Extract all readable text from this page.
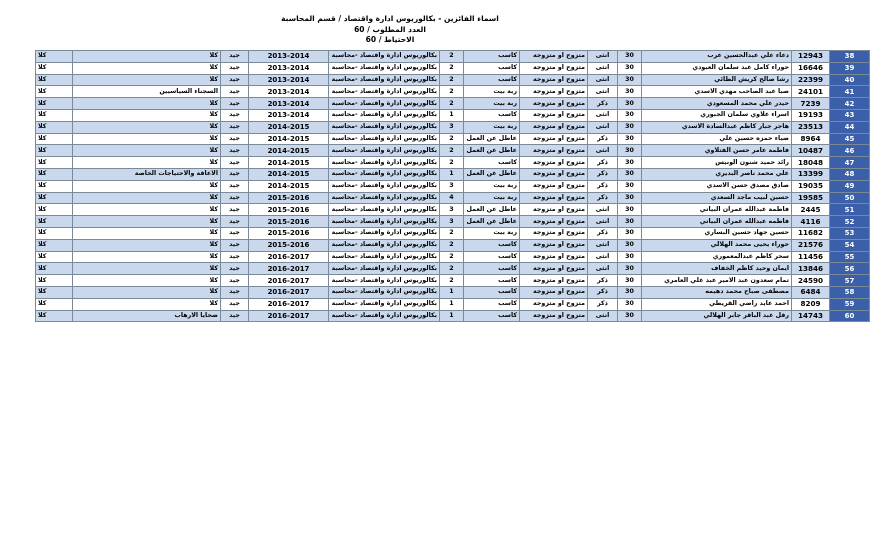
اسماء الفائزين - بكالوريوس ادارة واقتصاد / قسم المحاسبة
العدد المطلوب / 60
الاحتياط / 60
كلا	كلا	جيد	2013-2014	بكالوريوس ادارة واقتصاد -محاسبة	2	كاسب	متزوج او متزوجة	انثى	30	دعاء علي عبدالحسين عرب	12943	38
كلا	كلا	جيد	2013-2014	بكالوريوس ادارة واقتصاد -محاسبة	2	كاسب	متزوج او متزوجة	انثى	30	حوراء كامل عبد سلمان العبودي	16646	39
كلا	كلا	جيد	2013-2014	بكالوريوس ادارة واقتصاد -محاسبة	2	كاسب	متزوج او متزوجة	انثى	30	رشا صالح كريش الطائي	22399	40
كلا	السجناء السياسيين	جيد	2013-2014	بكالوريوس ادارة واقتصاد -محاسبة	2	ربة بيت	متزوج او متزوجة	انثى	30	صبا عبد الصاحب مهدي الاسدي	24101	41
كلا	كلا	جيد	2013-2014	بكالوريوس ادارة واقتصاد -محاسبة	2	ربة بيت	متزوج او متزوجة	ذكر	30	حيدر علي محمد المسعودي	7239	42
كلا	كلا	جيد	2013-2014	بكالوريوس ادارة واقتصاد -محاسبة	1	كاسب	متزوج او متزوجة	انثى	30	اسراء علاوي سلمان الجبوري	19193	43
كلا	كلا	جيد	2014-2015	بكالوريوس ادارة واقتصاد -محاسبة	3	ربة بيت	متزوج او متزوجة	انثى	30	هاجر جبار كاظم عبدالسادة الاسدي	23513	44
كلا	كلا	جيد	2014-2015	بكالوريوس ادارة واقتصاد -محاسبة	2	عاطل عن العمل	متزوج او متزوجة	ذكر	30	ضياء حمزه حسين علي	8964	45
كلا	كلا	جيد	2014-2015	بكالوريوس ادارة واقتصاد -محاسبة	2	عاطل عن العمل	متزوج او متزوجة	انثى	30	فاطمة عامر حسن الفتلاوي	10487	46
كلا	كلا	جيد	2014-2015	بكالوريوس ادارة واقتصاد -محاسبة	2	كاسب	متزوج او متزوجة	ذكر	30	رائد حميد شنون الونيس	18048	47
كلا	الاعاقة والاحتياجات الخاصة	جيد	2014-2015	بكالوريوس ادارة واقتصاد -محاسبة	1	عاطل عن العمل	متزوج او متزوجة	ذكر	30	علي محمد ناصر البديري	13399	48
كلا	كلا	جيد	2014-2015	بكالوريوس ادارة واقتصاد -محاسبة	3	ربة بيت	متزوج او متزوجة	ذكر	30	صادق مصدق حسن الاسدي	19035	49
كلا	كلا	جيد	2015-2016	بكالوريوس ادارة واقتصاد -محاسبة	4	ربة بيت	متزوج او متزوجة	ذكر	30	حسين لبيب ماجد السعدي	19585	50
كلا	كلا	جيد	2015-2016	بكالوريوس ادارة واقتصاد -محاسبة	3	عاطل عن العمل	متزوج او متزوجة	انثى	30	فاطمة عبدالله عمران البياتي	2445	51
كلا	كلا	جيد	2015-2016	بكالوريوس ادارة واقتصاد -محاسبة	3	عاطل عن العمل	متزوج او متزوجة	انثى	30	فاطمه عبدالله عمران البياتي	4116	52
كلا	كلا	جيد	2015-2016	بكالوريوس ادارة واقتصاد -محاسبة	2	ربة بيت	متزوج او متزوجة	ذكر	30	حسين جهاد حسين البساري	11682	53
كلا	كلا	جيد	2015-2016	بكالوريوس ادارة واقتصاد -محاسبة	2	كاسب	متزوج او متزوجة	انثى	30	حوراء يحيى محمد الهلالي	21576	54
كلا	كلا	جيد	2016-2017	بكالوريوس ادارة واقتصاد -محاسبة	2	كاسب	متزوج او متزوجة	انثى	30	سحر كاظم عبدالمعموري	11456	55
كلا	كلا	جيد	2016-2017	بكالوريوس ادارة واقتصاد -محاسبة	2	كاسب	متزوج او متزوجة	انثى	30	ايمان وحيد كاظم الخفاف	13846	56
كلا	كلا	جيد	2016-2017	بكالوريوس ادارة واقتصاد -محاسبة	2	كاسب	متزوج او متزوجة	ذكر	30	تمام سعدون عبد الامير عبد علي العامري	24590	57
كلا	كلا	جيد	2016-2017	بكالوريوس ادارة واقتصاد -محاسبة	1	كاسب	متزوج او متزوجة	ذكر	30	مصطفى صباح محمد دهيمه	6484	58
كلا	كلا	جيد	2016-2017	بكالوريوس ادارة واقتصاد -محاسبة	1	كاسب	متزوج او متزوجة	ذكر	30	احمد عايد راضي القريطي	8209	59
كلا	ضحايا الارهاب	جيد	2016-2017	بكالوريوس ادارة واقتصاد -محاسبة	1	كاسب	متزوج او متزوجة	انثى	30	رقل عبد الباقر جابر الهلالي	14743	60
